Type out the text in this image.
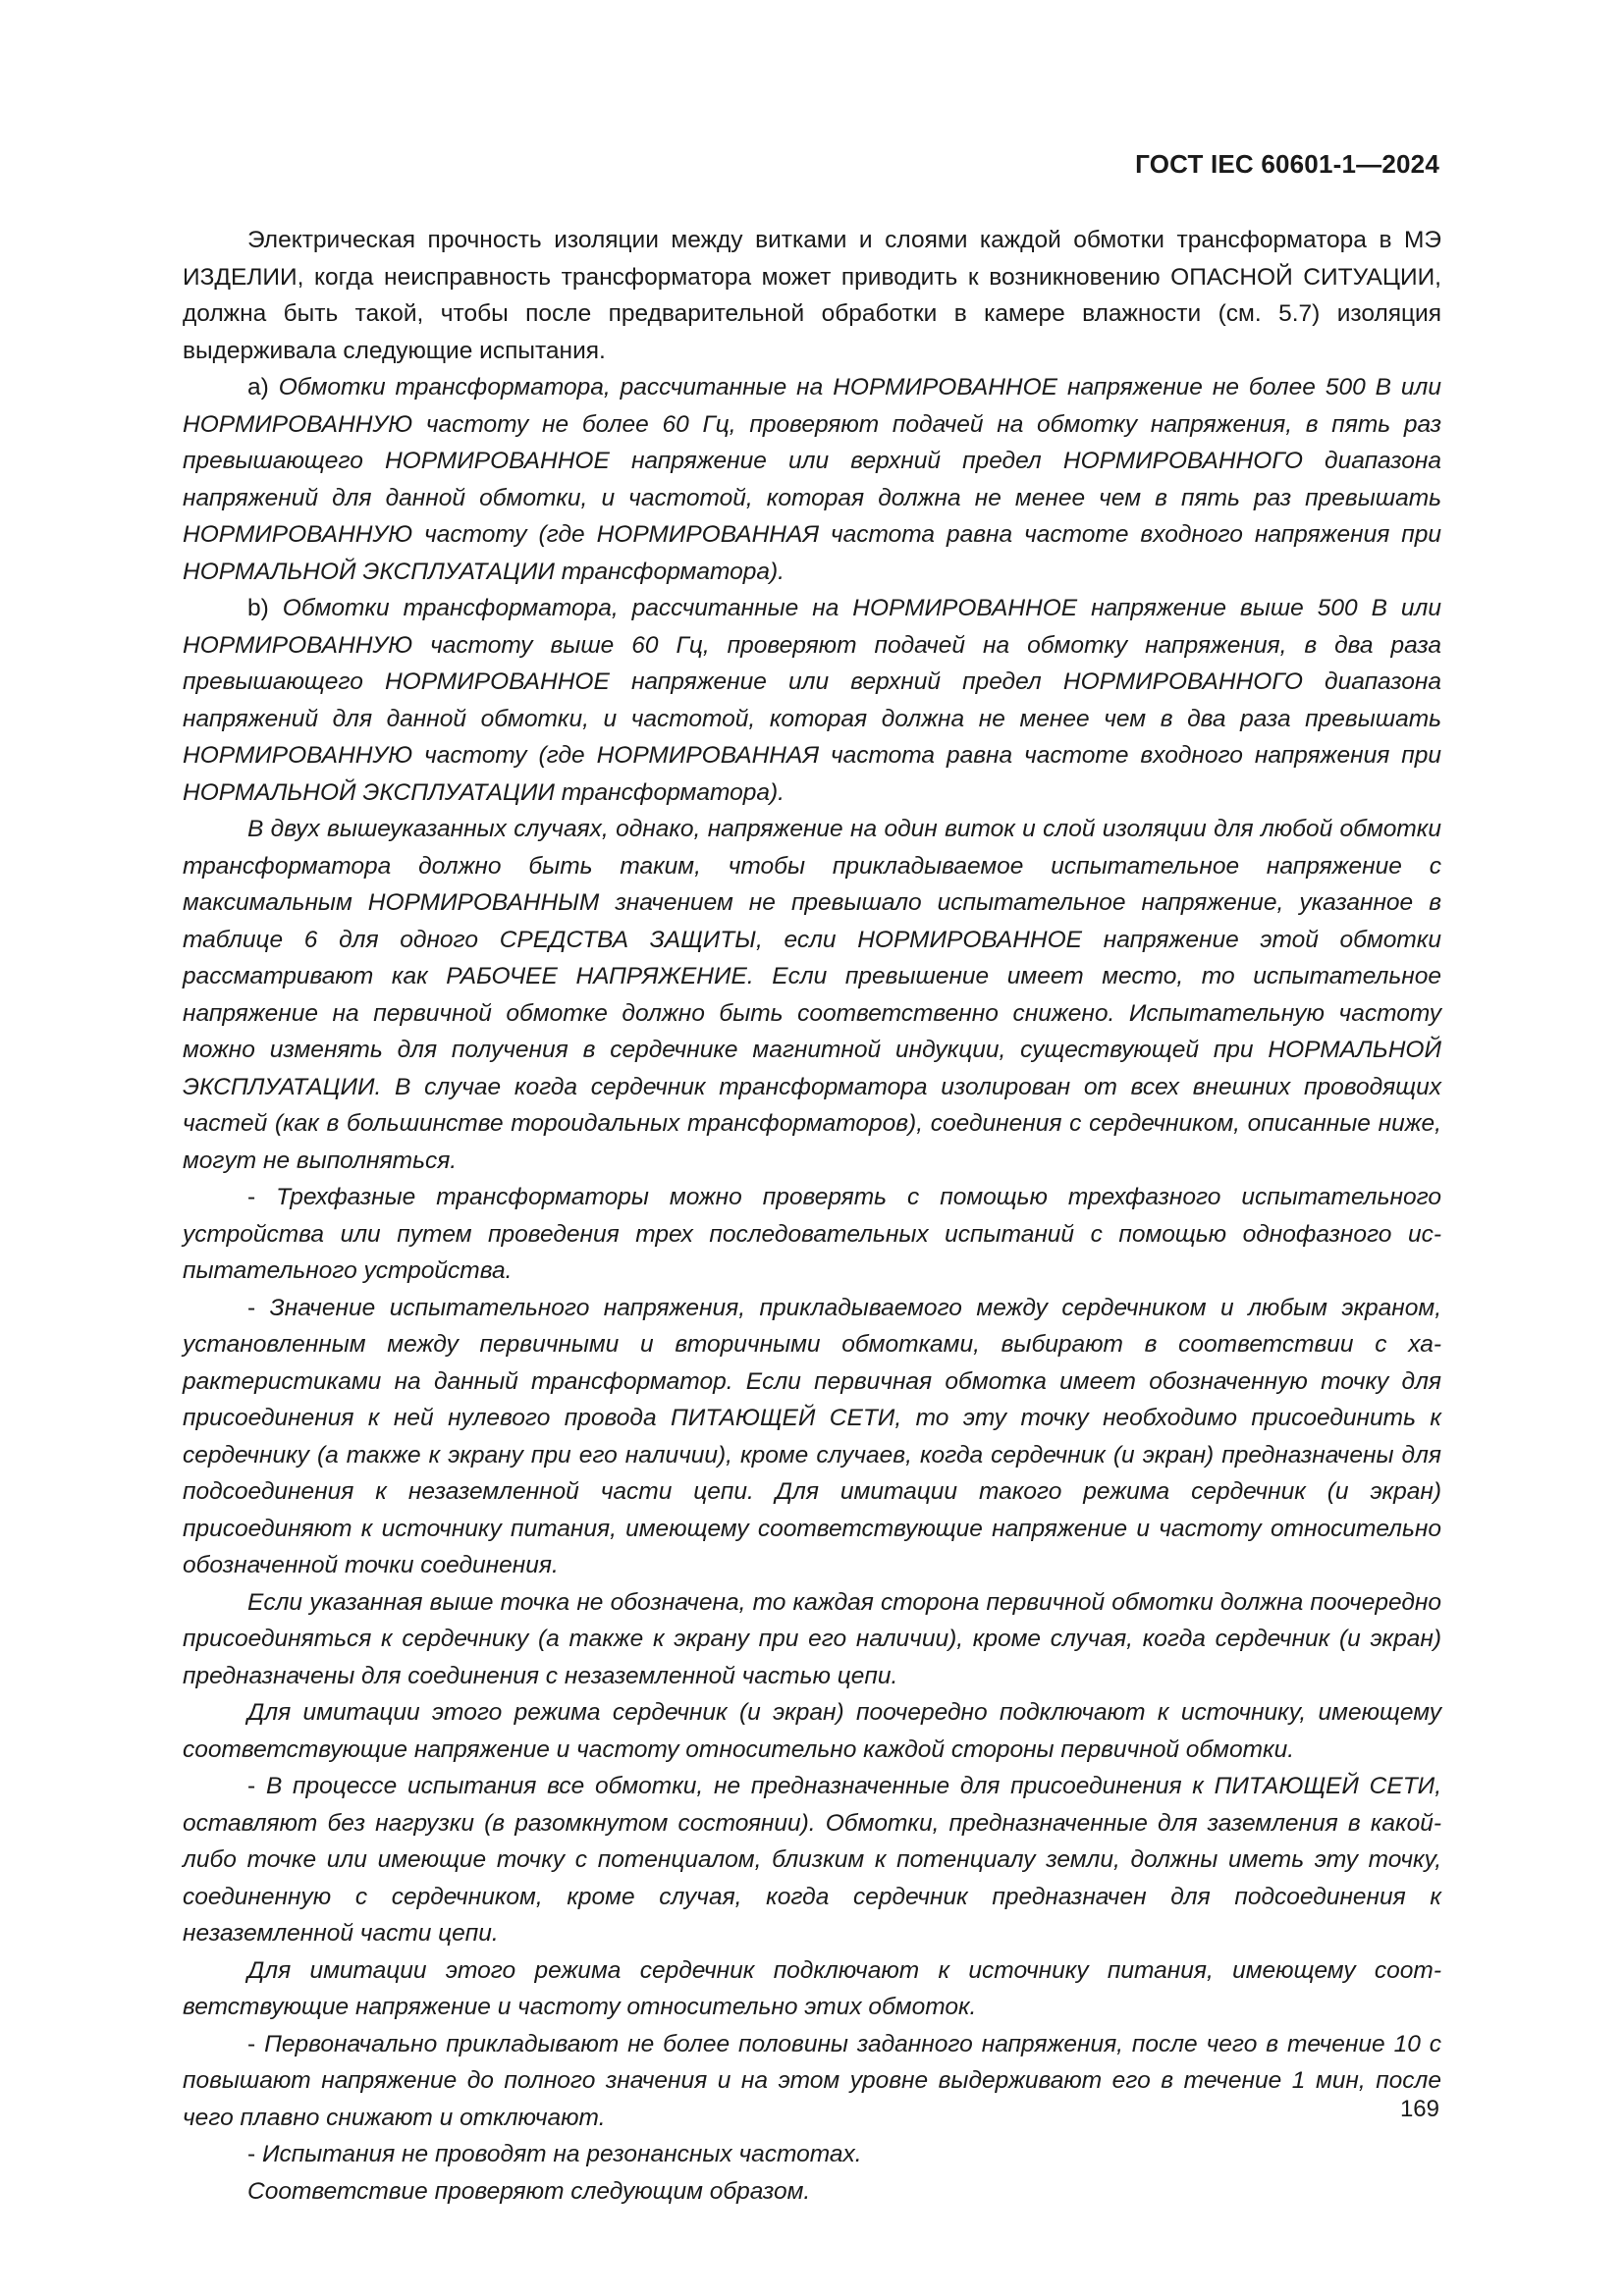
ГОСТ IEC 60601-1—2024

Электрическая прочность изоляции между витками и слоями каждой обмотки трансформатора в МЭ ИЗДЕЛИИ, когда неисправность трансформатора может приводить к возникновению ОПАСНОЙ СИТУАЦИИ, должна быть такой, чтобы после предварительной обработки в камере влажности (см. 5.7) изоляция выдерживала следующие испытания.

a) Обмотки трансформатора, рассчитанные на НОРМИРОВАННОЕ напряжение не более 500 В или НОРМИРОВАННУЮ частоту не более 60 Гц, проверяют подачей на обмотку напряжения, в пять раз превышающего НОРМИРОВАННОЕ напряжение или верхний предел НОРМИРОВАННОГО диапазона напряжений для данной обмотки, и частотой, которая должна не менее чем в пять раз превышать НОРМИРОВАННУЮ частоту (где НОРМИРОВАННАЯ частота равна частоте входного напряжения при НОРМАЛЬНОЙ ЭКСПЛУАТАЦИИ трансформатора).

b) Обмотки трансформатора, рассчитанные на НОРМИРОВАННОЕ напряжение выше 500 В или НОРМИРОВАННУЮ частоту выше 60 Гц, проверяют подачей на обмотку напряжения, в два раза превышающего НОРМИРОВАННОЕ напряжение или верхний предел НОРМИРОВАННОГО диапазона напряжений для данной обмотки, и частотой, которая должна не менее чем в два раза превышать НОРМИРОВАННУЮ частоту (где НОРМИРОВАННАЯ частота равна частоте входного напряжения при НОРМАЛЬНОЙ ЭКСПЛУАТАЦИИ трансформатора).

В двух вышеуказанных случаях, однако, напряжение на один виток и слой изоляции для любой обмотки трансформатора должно быть таким, чтобы прикладываемое испытательное напряжение с максимальным НОРМИРОВАННЫМ значением не превышало испытательное напряжение, указанное в таблице 6 для одного СРЕДСТВА ЗАЩИТЫ, если НОРМИРОВАННОЕ напряжение этой обмотки рассматривают как РАБОЧЕЕ НАПРЯЖЕНИЕ. Если превышение имеет место, то испытательное напряжение на первичной обмотке должно быть соответственно снижено. Испытательную частоту можно изменять для получения в сердечнике магнитной индукции, существующей при НОРМАЛЬНОЙ ЭКСПЛУАТАЦИИ. В случае когда сердечник трансформатора изолирован от всех внешних проводящих частей (как в большинстве тороидальных трансформаторов), соединения с сердечником, описанные ниже, могут не выполняться.

- Трехфазные трансформаторы можно проверять с помощью трехфазного испытательного устройства или путем проведения трех последовательных испытаний с помощью однофазного испытательного устройства.

- Значение испытательного напряжения, прикладываемого между сердечником и любым экраном, установленным между первичными и вторичными обмотками, выбирают в соответствии с характеристиками на данный трансформатор. Если первичная обмотка имеет обозначенную точку для присоединения к ней нулевого провода ПИТАЮЩЕЙ СЕТИ, то эту точку необходимо присоединить к сердечнику (а также к экрану при его наличии), кроме случаев, когда сердечник (и экран) предназначены для подсоединения к незаземленной части цепи. Для имитации такого режима сердечник (и экран) присоединяют к источнику питания, имеющему соответствующие напряжение и частоту относительно обозначенной точки соединения.

Если указанная выше точка не обозначена, то каждая сторона первичной обмотки должна поочередно присоединяться к сердечнику (а также к экрану при его наличии), кроме случая, когда сердечник (и экран) предназначены для соединения с незаземленной частью цепи.

Для имитации этого режима сердечник (и экран) поочередно подключают к источнику, имеющему соответствующие напряжение и частоту относительно каждой стороны первичной обмотки.

- В процессе испытания все обмотки, не предназначенные для присоединения к ПИТАЮЩЕЙ СЕТИ, оставляют без нагрузки (в разомкнутом состоянии). Обмотки, предназначенные для заземления в какой-либо точке или имеющие точку с потенциалом, близким к потенциалу земли, должны иметь эту точку, соединенную с сердечником, кроме случая, когда сердечник предназначен для подсоединения к незаземленной части цепи.

Для имитации этого режима сердечник подключают к источнику питания, имеющему соответствующие напряжение и частоту относительно этих обмоток.

- Первоначально прикладывают не более половины заданного напряжения, после чего в течение 10 с повышают напряжение до полного значения и на этом уровне выдерживают его в течение 1 мин, после чего плавно снижают и отключают.

- Испытания не проводят на резонансных частотах.

Соответствие проверяют следующим образом.

169
